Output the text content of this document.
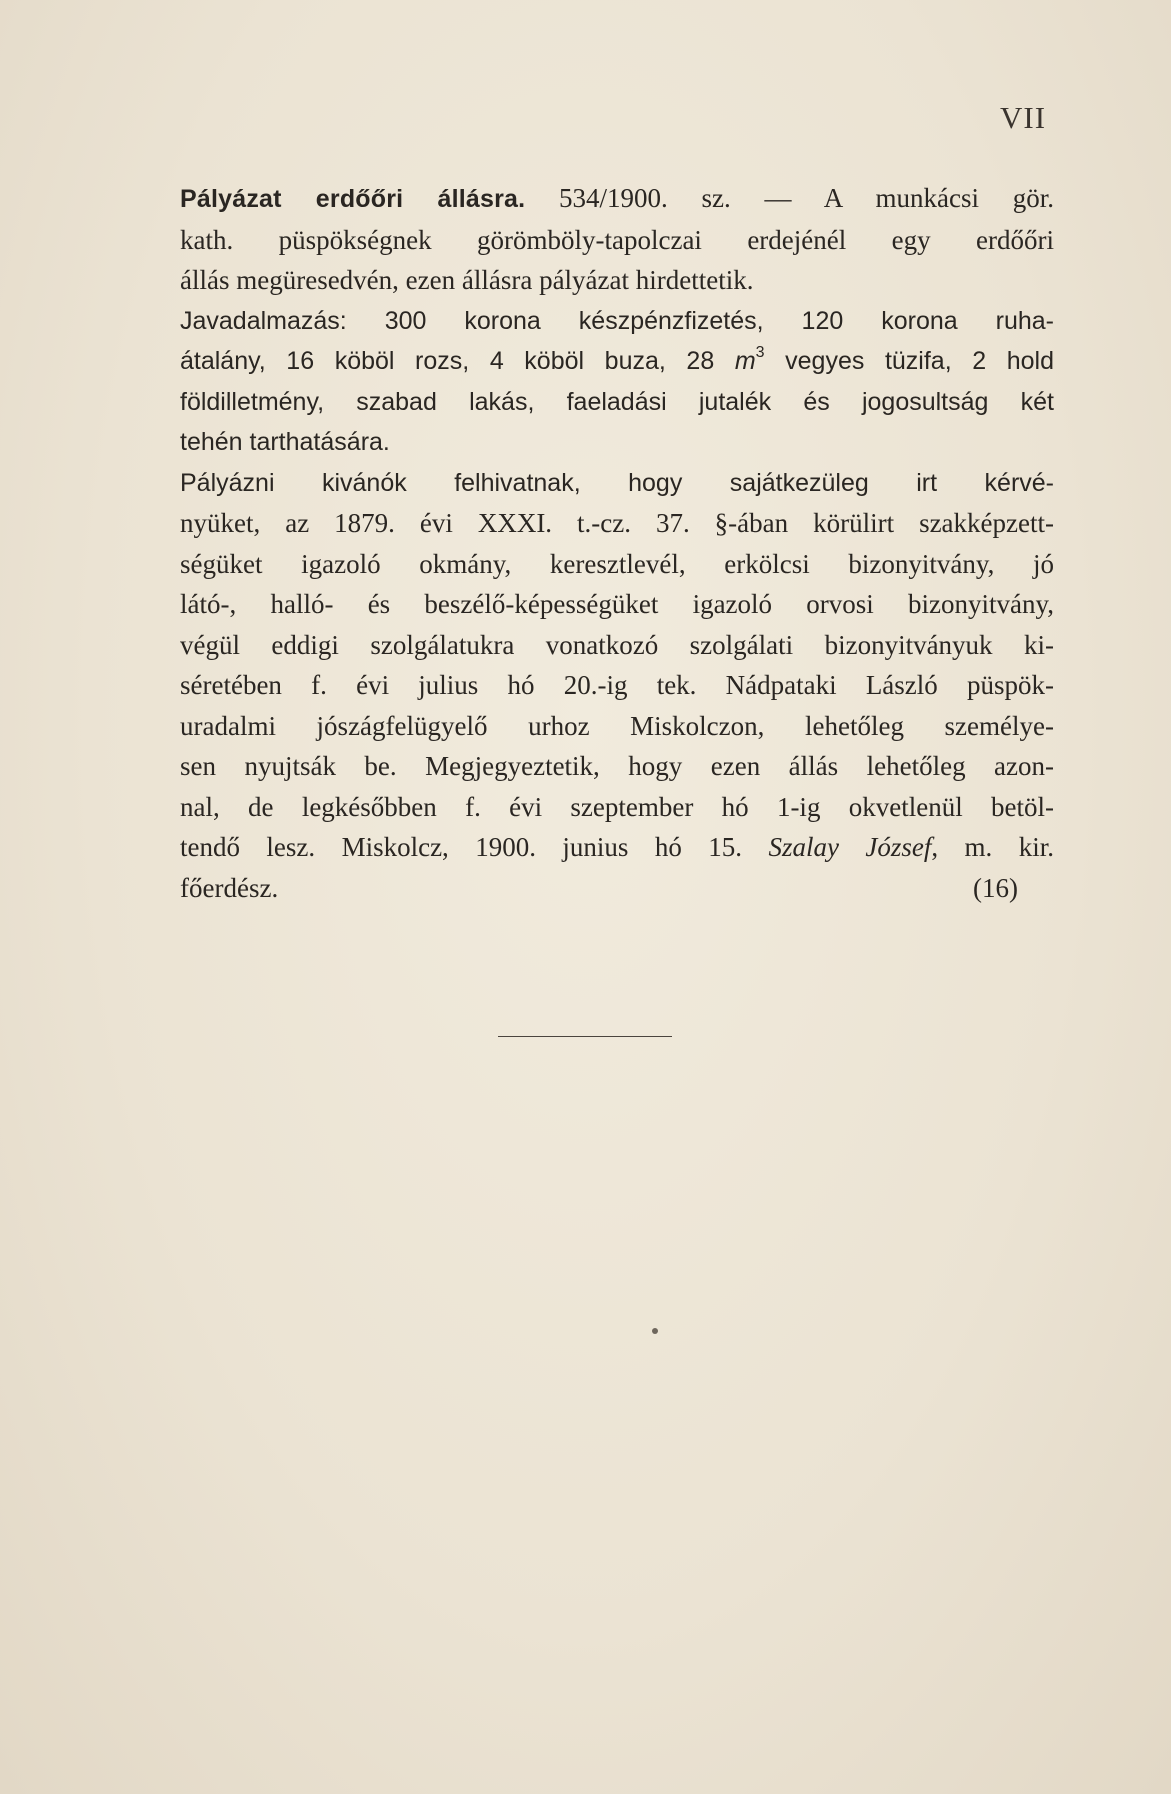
VII
Pályázat erdőőri állásra. 534/1900. sz. — A munkácsi gör.
kath. püspökségnek görömböly-tapolczai erdejénél egy erdőőri
állás megüresedvén, ezen állásra pályázat hirdettetik.
Javadalmazás: 300 korona készpénzfizetés, 120 korona ruha-
átalány, 16 köböl rozs, 4 köböl buza, 28 $m^3$ vegyes tüzifa, 2 hold
földilletmény, szabad lakás, faeladási jutalék és jogosultság két
tehén tarthatására.
Pályázni kivánók felhivatnak, hogy sajátkezüleg irt kérvé-
nyüket, az 1879. évi XXXI. t.-cz. 37. §-ában körülirt szakképzett-
ségüket igazoló okmány, keresztlevél, erkölcsi bizonyitvány, jó
látó-, halló- és beszélő-képességüket igazoló orvosi bizonyitvány,
végül eddigi szolgálatukra vonatkozó szolgálati bizonyitványuk ki-
séretében f. évi julius hó 20.-ig tek. Nádpataki László püspök-
uradalmi jószágfelügyelő urhoz Miskolczon, lehetőleg személye-
sen nyujtsák be. Megjegyeztetik, hogy ezen állás lehetőleg azon-
nal, de legkésőbben f. évi szeptember hó 1-ig okvetlenül betöl-
tendő lesz. Miskolcz, 1900. junius hó 15. Szalay József, m. kir.
főerdész.	(16)
